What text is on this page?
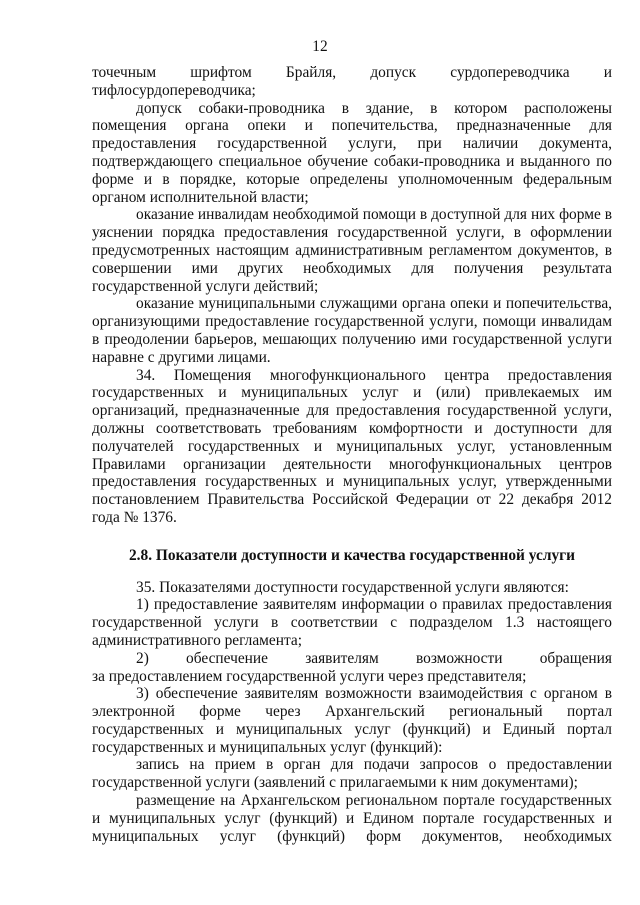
12

точечным шрифтом Брайля, допуск сурдопереводчика и тифлосурдопереводчика;

допуск собаки-проводника в здание, в котором расположены помещения органа опеки и попечительства, предназначенные для предоставления государственной услуги, при наличии документа, подтверждающего специальное обучение собаки-проводника и выданного по форме и в порядке, которые определены уполномоченным федеральным органом исполнительной власти;

оказание инвалидам необходимой помощи в доступной для них форме в уяснении порядка предоставления государственной услуги, в оформлении предусмотренных настоящим административным регламентом документов, в совершении ими других необходимых для получения результата государственной услуги действий;

оказание муниципальными служащими органа опеки и попечительства, организующими предоставление государственной услуги, помощи инвалидам в преодолении барьеров, мешающих получению ими государственной услуги наравне с другими лицами.

34. Помещения многофункционального центра предоставления государственных и муниципальных услуг и (или) привлекаемых им организаций, предназначенные для предоставления государственной услуги, должны соответствовать требованиям комфортности и доступности для получателей государственных и муниципальных услуг, установленным Правилами организации деятельности многофункциональных центров предоставления государственных и муниципальных услуг, утвержденными постановлением Правительства Российской Федерации от 22 декабря 2012 года № 1376.

2.8. Показатели доступности и качества государственной услуги

35. Показателями доступности государственной услуги являются:

1) предоставление заявителям информации о правилах предоставления государственной услуги в соответствии с подразделом 1.3 настоящего административного регламента;

2) обеспечение заявителям возможности обращения

за предоставлением государственной услуги через представителя;

3) обеспечение заявителям возможности взаимодействия с органом в электронной форме через Архангельский региональный портал государственных и муниципальных услуг (функций) и Единый портал государственных и муниципальных услуг (функций):

запись на прием в орган для подачи запросов о предоставлении государственной услуги (заявлений с прилагаемыми к ним документами);

размещение на Архангельском региональном портале государственных и муниципальных услуг (функций) и Едином портале государственных и муниципальных услуг (функций) форм документов, необходимых
